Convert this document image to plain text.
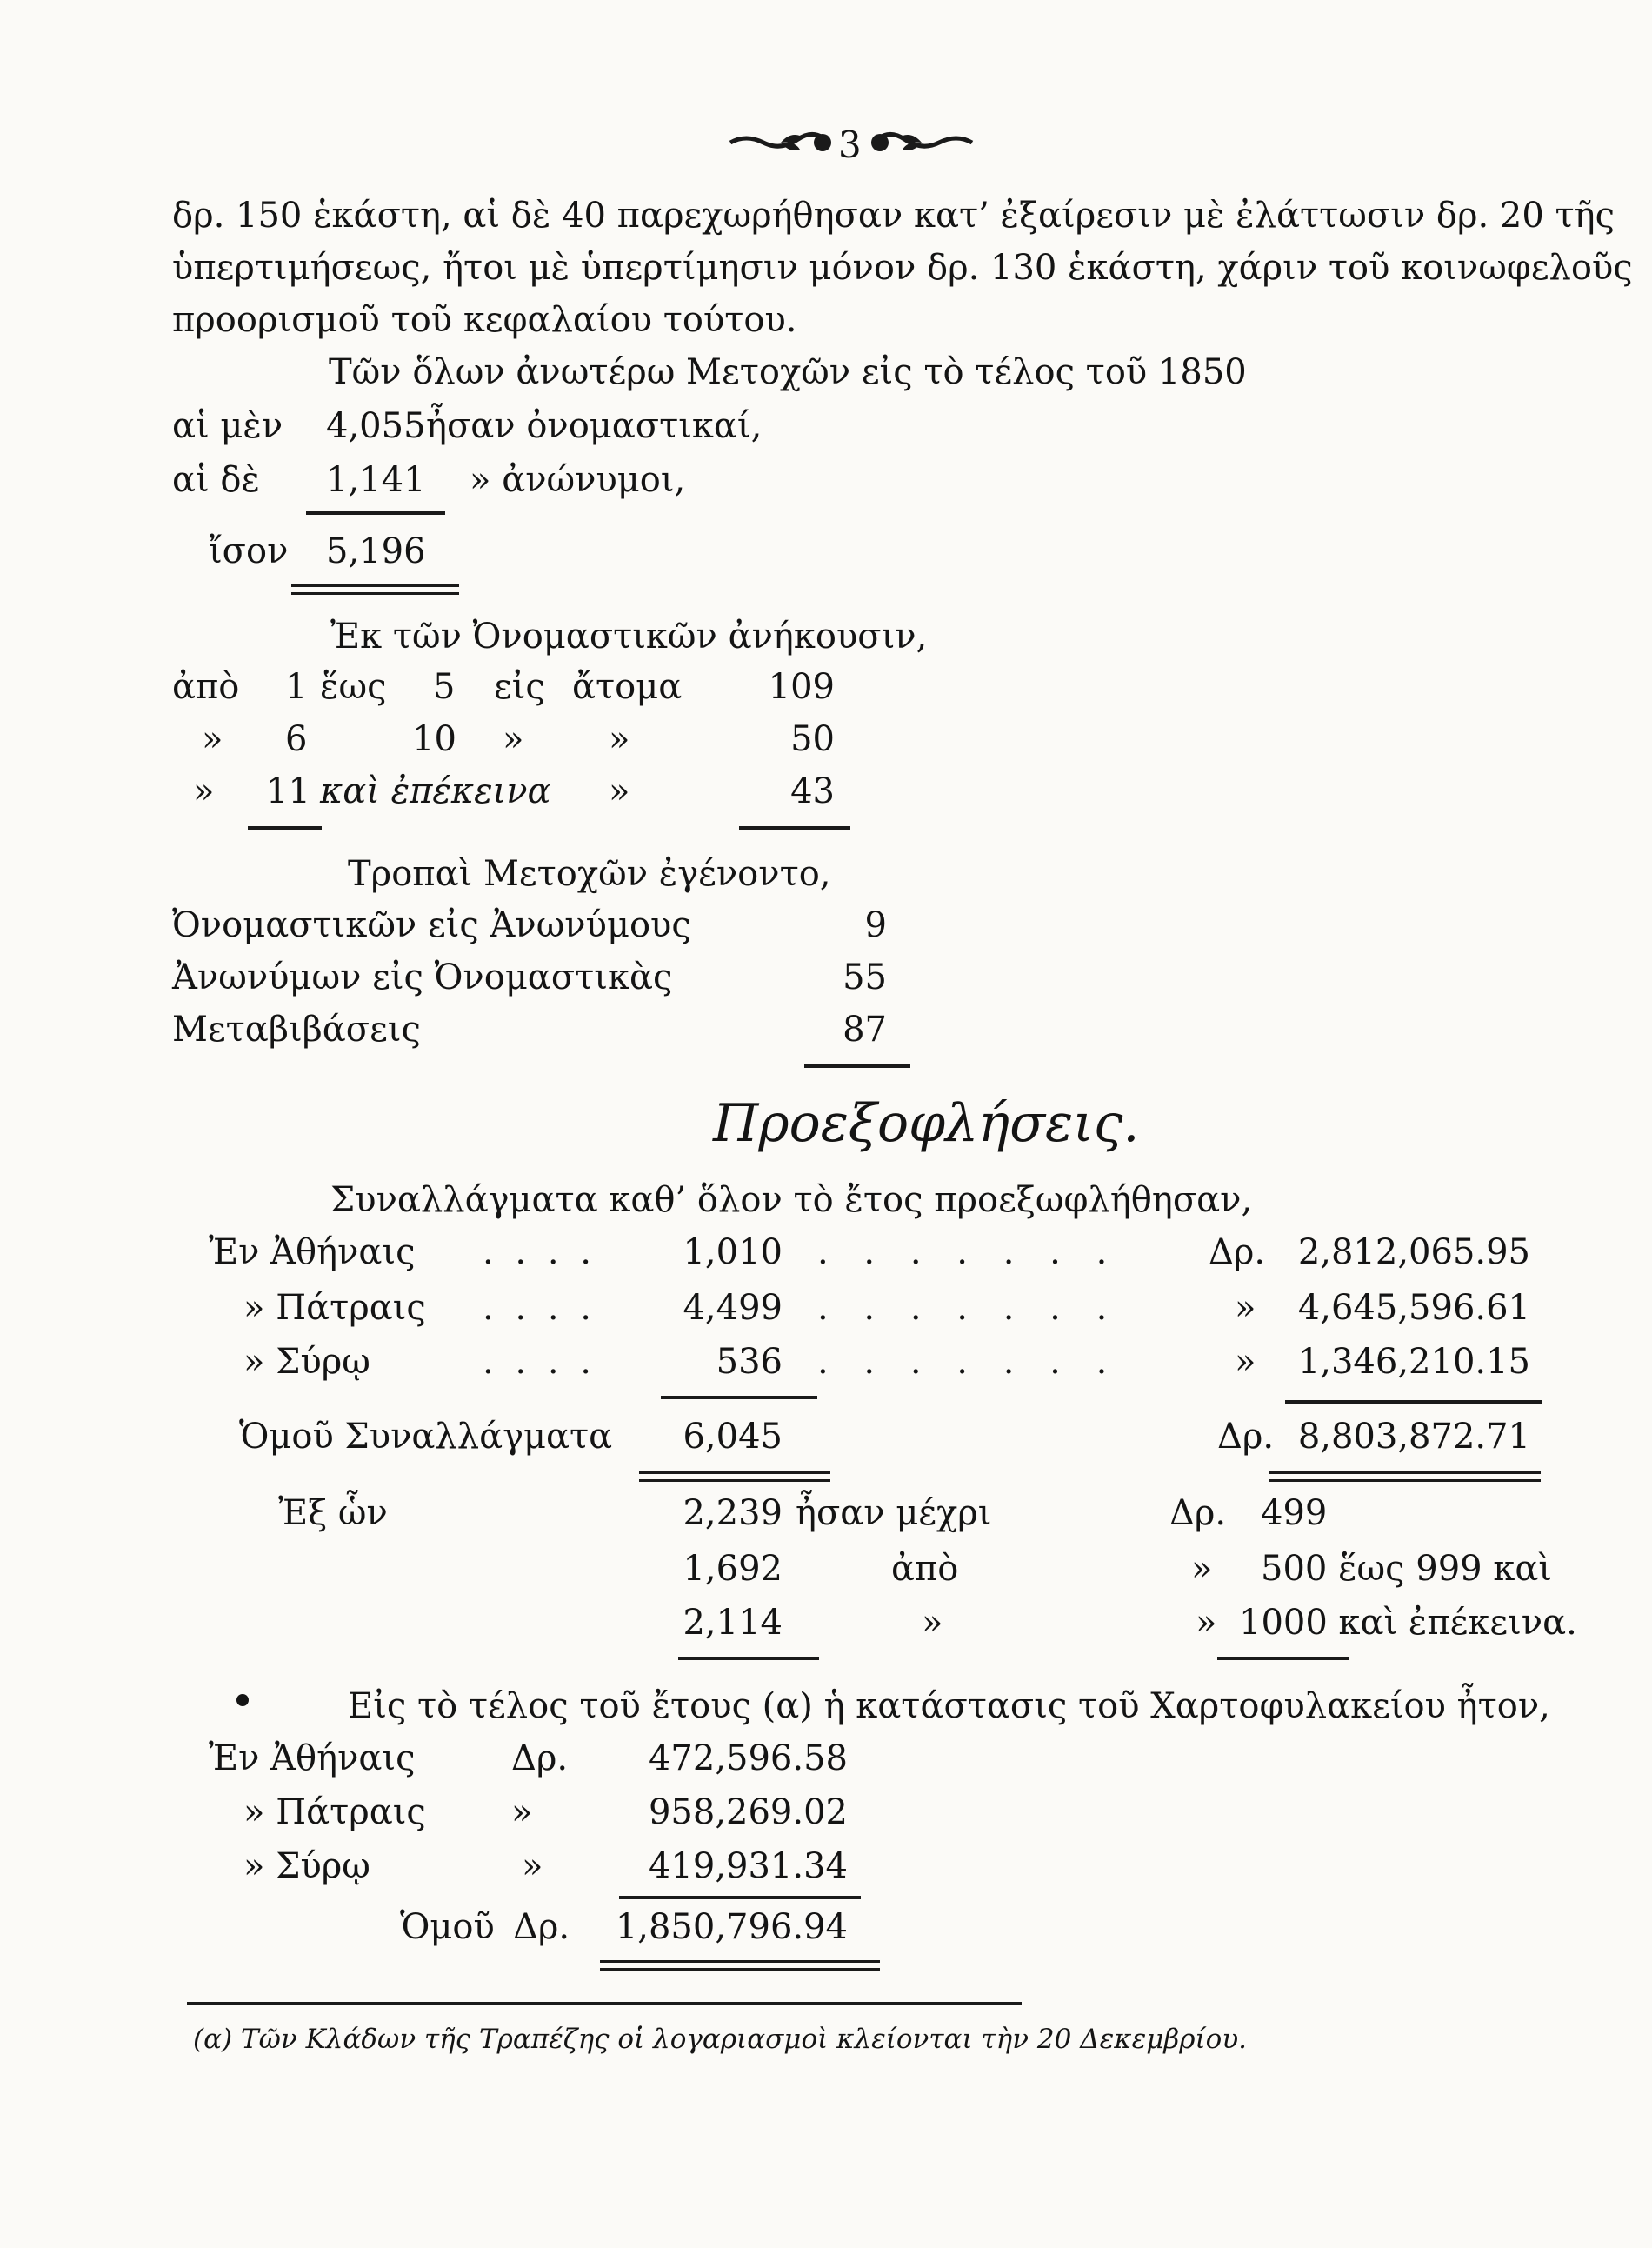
3
δρ. 150 ἑκάστη, αἱ δὲ 40 παρεχωρήθησαν κατ’ ἐξαίρεσιν μὲ ἐλάττωσιν δρ. 20 τῆς
ὑπερτιμήσεως, ἤτοι μὲ ὑπερτίμησιν μόνον δρ. 130 ἑκάστη, χάριν τοῦ κοινωφελοῦς
προορισμοῦ τοῦ κεφαλαίου τούτου.
Τῶν ὅλων ἀνωτέρω Μετοχῶν εἰς τὸ τέλος τοῦ 1850
αἱ μὲν 4,055 ἦσαν ὀνομαστικαί,
αἱ δὲ 1,141 » ἀνώνυμοι,
ἴσον 5,196
Ἐκ τῶν Ὀνομαστικῶν ἀνήκουσιν,
ἀπὸ 1 ἕως 5 εἰς ἄτομα	109
» 6	10 » »	50
» 11 καὶ ἐπέκεινα »	43
Τροπαὶ Μετοχῶν ἐγένοντο,
Ὀνομαστικῶν εἰς Ἀνωνύμους	9
Ἀνωνύμων εἰς Ὀνομαστικὰς	55
Μεταβιβάσεις	87
Προεξοφλήσεις.
Συναλλάγματα καθ’ ὅλον τὸ ἔτος προεξωφλήθησαν,
Ἐν Ἀθήναις . . . .	1,010 . . . . . . .	Δρ. 2,812,065.95
» Πάτραις . . . .	4,499 . . . . . . .	»	4,645,596.61
» Σύρῳ	. . . .	536 . . . . . . .	»	1,346,210.15
Ὁμοῦ Συναλλάγματα	6,045	Δρ. 8,803,872.71
Ἐξ ὧν	2,239 ἦσαν μέχρι	Δρ. 499
1,692	ἀπὸ	» 500 ἕως 999 καὶ
2,114	»	» 1000 καὶ ἐπέκεινα.
Εἰς τὸ τέλος τοῦ ἔτους (α) ἡ κατάστασις τοῦ Χαρτοφυλακείου ἦτον,
Ἐν Ἀθήναις	Δρ.	472,596.58
» Πάτραις »	958,269.02
» Σύρῳ	»	419,931.34
Ὁμοῦ Δρ. 1,850,796.94
(α) Τῶν Κλάδων τῆς Τραπέζης οἱ λογαριασμοὶ κλείονται τὴν 20 Δεκεμβρίου.
